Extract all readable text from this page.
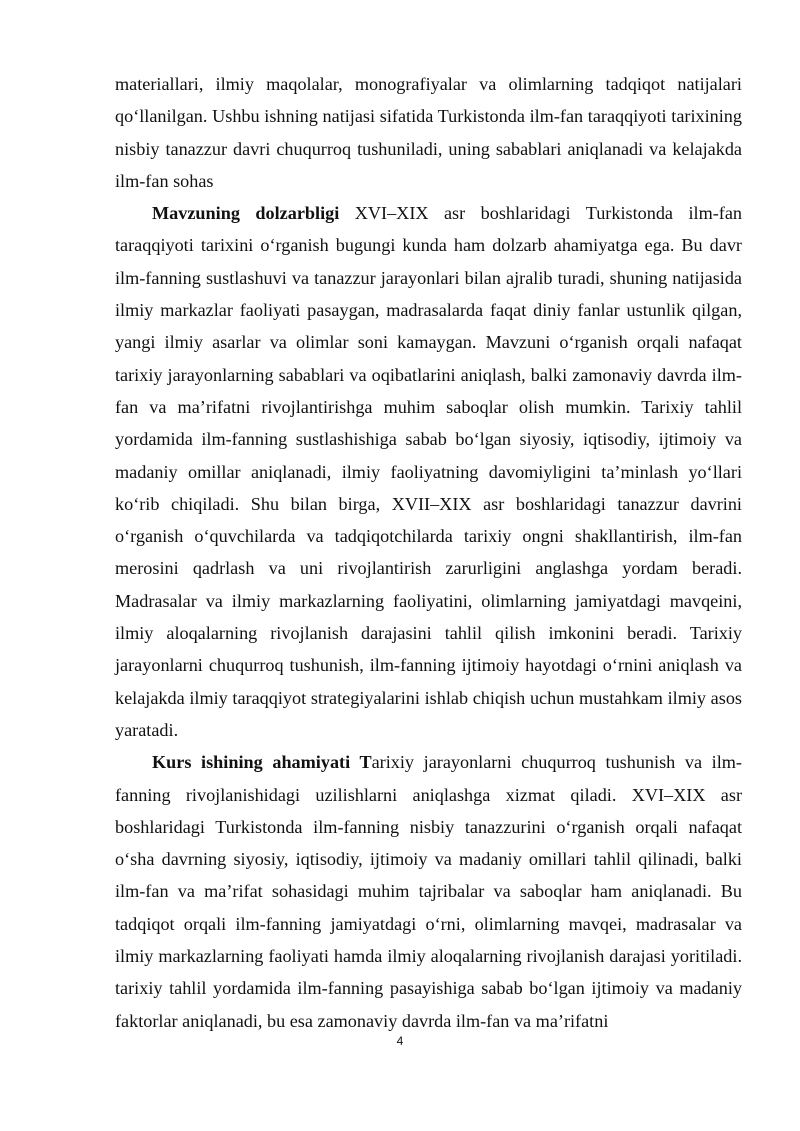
materiallari, ilmiy maqolalar, monografiyalar va olimlarning tadqiqot natijalari qo‘llanilgan. Ushbu ishning natijasi sifatida Turkistonda ilm-fan taraqqiyoti tarixining nisbiy tanazzur davri chuqurroq tushuniladi, uning sabablari aniqlanadi va kelajakda ilm-fan sohas

Mavzuning dolzarbligi XVI–XIX asr boshlaridagi Turkistonda ilm-fan taraqqiyoti tarixini o‘rganish bugungi kunda ham dolzarb ahamiyatga ega. Bu davr ilm-fanning sustlashuvi va tanazzur jarayonlari bilan ajralib turadi, shuning natijasida ilmiy markazlar faoliyati pasaygan, madrasalarda faqat diniy fanlar ustunlik qilgan, yangi ilmiy asarlar va olimlar soni kamaygan. Mavzuni o‘rganish orqali nafaqat tarixiy jarayonlarning sabablari va oqibatlarini aniqlash, balki zamonaviy davrda ilm-fan va ma’rifatni rivojlantirishga muhim saboqlar olish mumkin. Tarixiy tahlil yordamida ilm-fanning sustlashishiga sabab bo‘lgan siyosiy, iqtisodiy, ijtimoiy va madaniy omillar aniqlanadi, ilmiy faoliyatning davomiyligini ta’minlash yo‘llari ko‘rib chiqiladi. Shu bilan birga, XVII–XIX asr boshlaridagi tanazzur davrini o‘rganish o‘quvchilarda va tadqiqotchilarda tarixiy ongni shakllantirish, ilm-fan merosini qadrlash va uni rivojlantirish zarurligini anglashga yordam beradi. Madrasalar va ilmiy markazlarning faoliyatini, olimlarning jamiyatdagi mavqeini, ilmiy aloqalarning rivojlanish darajasini tahlil qilish imkonini beradi. Tarixiy jarayonlarni chuqurroq tushunish, ilm-fanning ijtimoiy hayotdagi o‘rnini aniqlash va kelajakda ilmiy taraqqiyot strategiyalarini ishlab chiqish uchun mustahkam ilmiy asos yaratadi.

Kurs ishining ahamiyati Tarixiy jarayonlarni chuqurroq tushunish va ilm-fanning rivojlanishidagi uzilishlarni aniqlashga xizmat qiladi. XVI–XIX asr boshlaridagi Turkistonda ilm-fanning nisbiy tanazzurini o‘rganish orqali nafaqat o‘sha davrning siyosiy, iqtisodiy, ijtimoiy va madaniy omillari tahlil qilinadi, balki ilm-fan va ma’rifat sohasidagi muhim tajribalar va saboqlar ham aniqlanadi. Bu tadqiqot orqali ilm-fanning jamiyatdagi o‘rni, olimlarning mavqei, madrasalar va ilmiy markazlarning faoliyati hamda ilmiy aloqalarning rivojlanish darajasi yoritiladi. tarixiy tahlil yordamida ilm-fanning pasayishiga sabab bo‘lgan ijtimoiy va madaniy faktorlar aniqlanadi, bu esa zamonaviy davrda ilm-fan va ma’rifatni

4
